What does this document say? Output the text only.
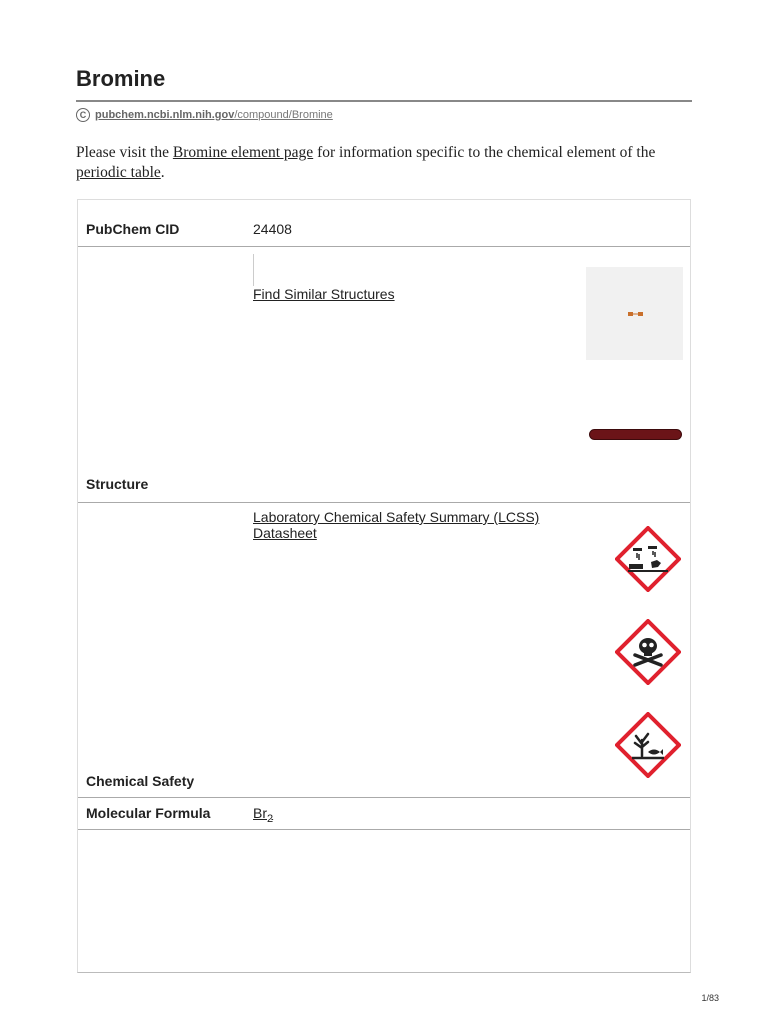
Bromine
C pubchem.ncbi.nlm.nih.gov /compound/Bromine
Please visit the Bromine element page for information specific to the chemical element of the periodic table.
PubChem CID	24408
Find Similar Structures
Structure
Laboratory Chemical Safety Summary (LCSS)
Datasheet
Chemical Safety
Molecular Formula	$Br_2$
1/83
